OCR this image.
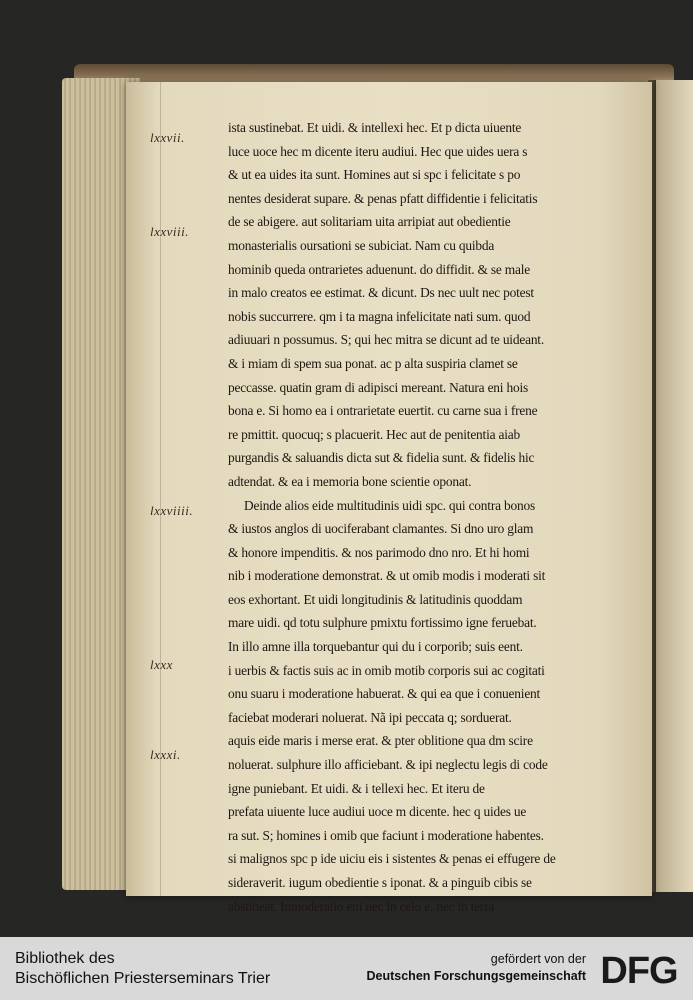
lxxvii.
lxxviii.
lxxviiii.
lxxx
lxxxi.
ista sustinebat. Et uidi. & intellexi hec. Et p dicta uiuente
luce uoce hec m dicente iteru audiui. Hec que uides uera s
& ut ea uides ita sunt. Homines aut si spc i felicitate s po
nentes desiderat supare. & penas pfatt diffidentie i felicitatis
de se abigere. aut solitariam uita arripiat aut obedientie
monasterialis oursationi se subiciat. Nam cu quibda
hominib queda ontrarietes aduenunt. do diffidit. & se male
in malo creatos ee estimat. & dicunt. Ds nec uult nec potest
nobis succurrere. qm i ta magna infelicitate nati sum. quod
adiuuari n possumus. S; qui hec mitra se dicunt ad te uideant.
& i miam di spem sua ponat. ac p alta suspiria clamet se
peccasse. quatin gram di adipisci mereant. Natura eni hois
bona e. Si homo ea i ontrarietate euertit. cu carne sua i frene
re pmittit. quocuq; s placuerit. Hec aut de penitentia aiab
purgandis & saluandis dicta sut & fidelia sunt. & fidelis hic
adtendat. & ea i memoria bone scientie oponat.
Deinde alios eide multitudinis uidi spc. qui contra bonos
& iustos anglos di uociferabant clamantes. Si dno uro glam
& honore impenditis. & nos parimodo dno nro. Et hi homi
nib i moderatione demonstrat. & ut omib modis i moderati sit
eos exhortant. Et uidi longitudinis & latitudinis quoddam
mare uidi. qd totu sulphure pmixtu fortissimo igne feruebat.
In illo amne illa torquebantur qui du i corporib; suis eent.
i uerbis & factis suis ac in omib motib corporis sui ac cogitati
onu suaru i moderatione habuerat. & qui ea que i conuenient
faciebat moderari noluerat. Nã ipi peccata q; sorduerat.
aquis eide maris i merse erat. & pter oblitione qua dm scire
noluerat. sulphure illo afficiebant. & ipi neglectu legis di code
igne puniebant. Et uidi. & i tellexi hec. Et iteru de
prefata uiuente luce audiui uoce m dicente. hec q uides ue
ra sut. S; homines i omib que faciunt i moderatione habentes.
si malignos spc p ide uiciu eis i sistentes & penas ei effugere de
sideraverit. iugum obedientie s iponat. & a pinguib cibis se
abstineat. Inmoderatio eni nec in celo e. nec in terra
Bibliothek des
Bischöflichen Priesterseminars Trier
gefördert von der
Deutschen Forschungsgemeinschaft DFG
